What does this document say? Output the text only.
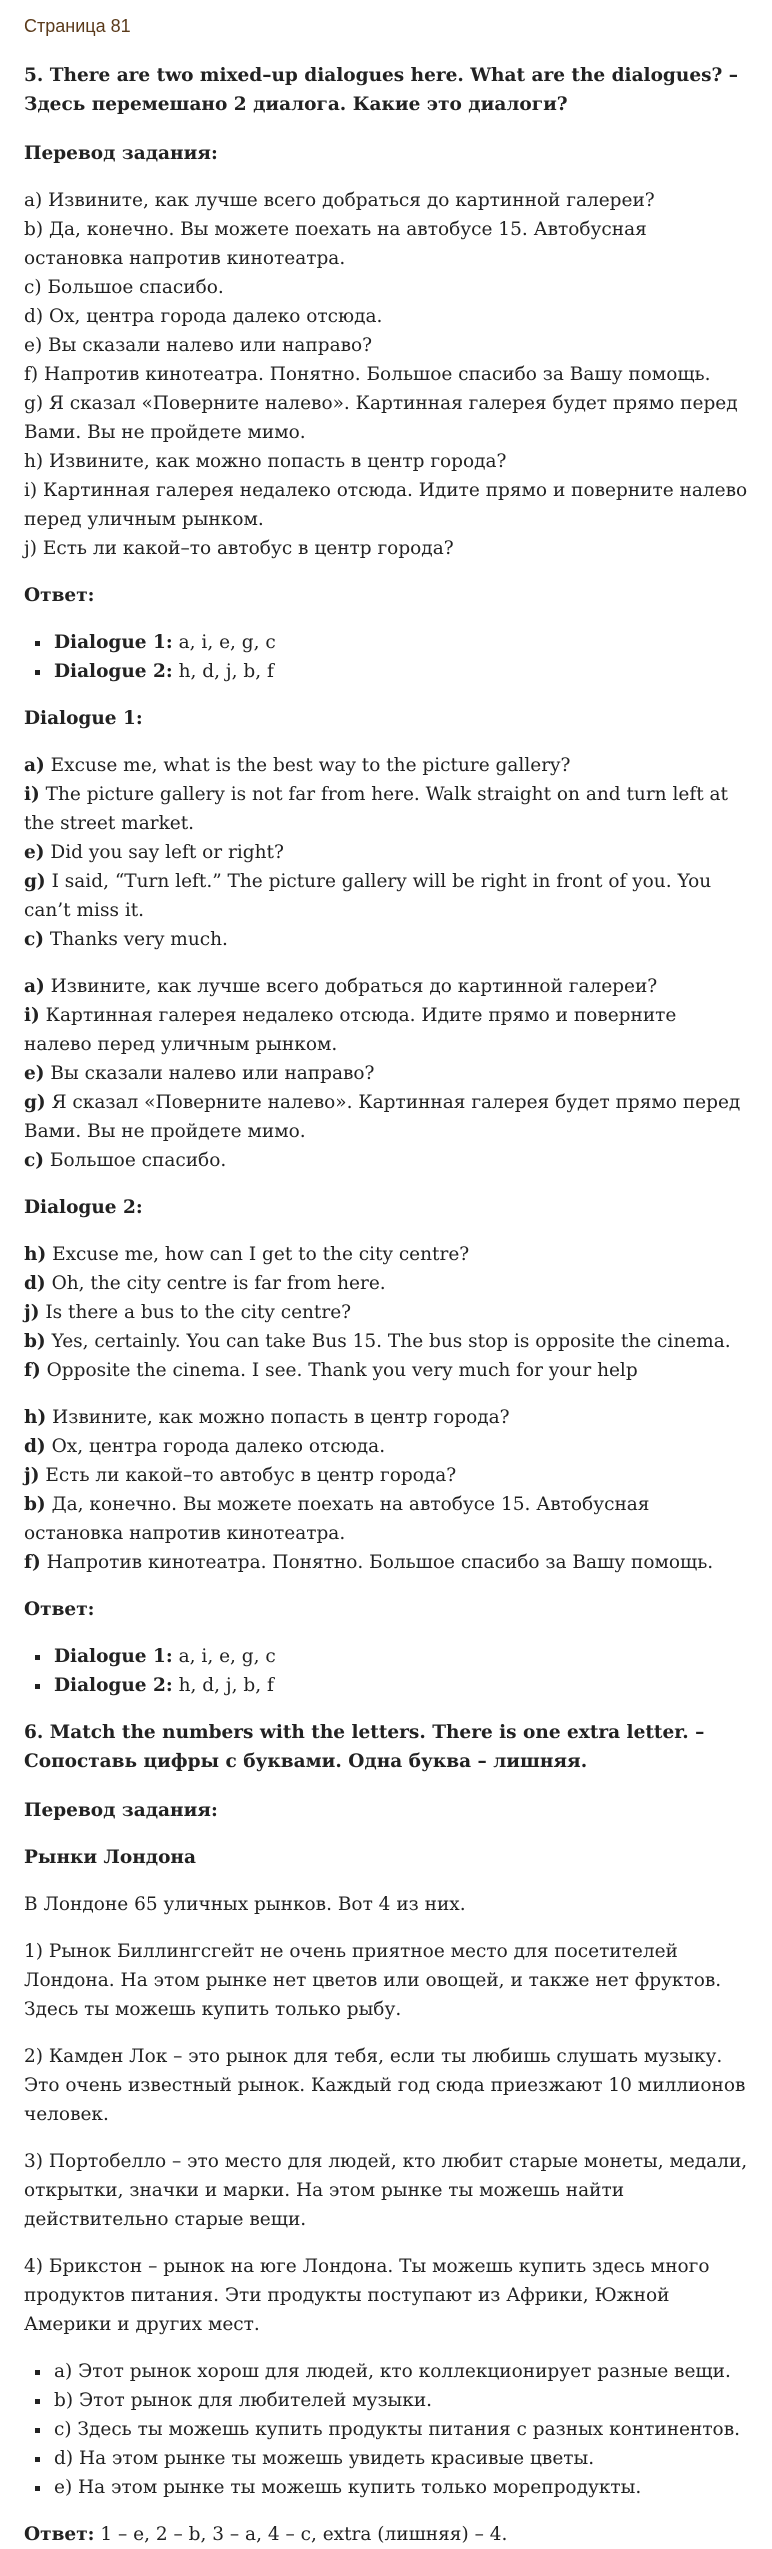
Страница 81
5. There are two mixed–up dialogues here. What are the dialogues? – Здесь перемешано 2 диалога. Какие это диалоги?
Перевод задания:
a) Извините, как лучше всего добраться до картинной галереи?
b) Да, конечно. Вы можете поехать на автобусе 15. Автобусная остановка напротив кинотеатра.
c) Большое спасибо.
d) Ох, центра города далеко отсюда.
e) Вы сказали налево или направо?
f) Напротив кинотеатра. Понятно. Большое спасибо за Вашу помощь.
g) Я сказал «Поверните налево». Картинная галерея будет прямо перед Вами. Вы не пройдете мимо.
h) Извините, как можно попасть в центр города?
i) Картинная галерея недалеко отсюда. Идите прямо и поверните налево перед уличным рынком.
j) Есть ли какой–то автобус в центр города?
Ответ:
▪ Dialogue 1: a, i, e, g, c
▪ Dialogue 2: h, d, j, b, f
Dialogue 1:
a) Excuse me, what is the best way to the picture gallery?
i) The picture gallery is not far from here. Walk straight on and turn left at the street market.
e) Did you say left or right?
g) I said, “Turn left.” The picture gallery will be right in front of you. You can’t miss it.
c) Thanks very much.
a) Извините, как лучше всего добраться до картинной галереи?
i) Картинная галерея недалеко отсюда. Идите прямо и поверните налево перед уличным рынком.
e) Вы сказали налево или направо?
g) Я сказал «Поверните налево». Картинная галерея будет прямо перед Вами. Вы не пройдете мимо.
c) Большое спасибо.
Dialogue 2:
h) Excuse me, how can I get to the city centre?
d) Oh, the city centre is far from here.
j) Is there a bus to the city centre?
b) Yes, certainly. You can take Bus 15. The bus stop is opposite the cinema.
f) Opposite the cinema. I see. Thank you very much for your help
h) Извините, как можно попасть в центр города?
d) Ох, центра города далеко отсюда.
j) Есть ли какой–то автобус в центр города?
b) Да, конечно. Вы можете поехать на автобусе 15. Автобусная остановка напротив кинотеатра.
f) Напротив кинотеатра. Понятно. Большое спасибо за Вашу помощь.
Ответ:
▪ Dialogue 1: a, i, e, g, c
▪ Dialogue 2: h, d, j, b, f
6. Match the numbers with the letters. There is one extra letter. – Сопоставь цифры с буквами. Одна буква – лишняя.
Перевод задания:
Рынки Лондона
В Лондоне 65 уличных рынков. Вот 4 из них.
1) Рынок Биллингсгейт не очень приятное место для посетителей Лондона. На этом рынке нет цветов или овощей, и также нет фруктов. Здесь ты можешь купить только рыбу.
2) Камден Лок – это рынок для тебя, если ты любишь слушать музыку. Это очень известный рынок. Каждый год сюда приезжают 10 миллионов человек.
3) Портобелло – это место для людей, кто любит старые монеты, медали, открытки, значки и марки. На этом рынке ты можешь найти действительно старые вещи.
4) Брикстон – рынок на юге Лондона. Ты можешь купить здесь много продуктов питания. Эти продукты поступают из Африки, Южной Америки и других мест.
▪ a) Этот рынок хорош для людей, кто коллекционирует разные вещи.
▪ b) Этот рынок для любителей музыки.
▪ c) Здесь ты можешь купить продукты питания с разных континентов.
▪ d) На этом рынке ты можешь увидеть красивые цветы.
▪ e) На этом рынке ты можешь купить только морепродукты.
Ответ: 1 – e, 2 – b, 3 – a, 4 – c, extra (лишняя) – 4.
